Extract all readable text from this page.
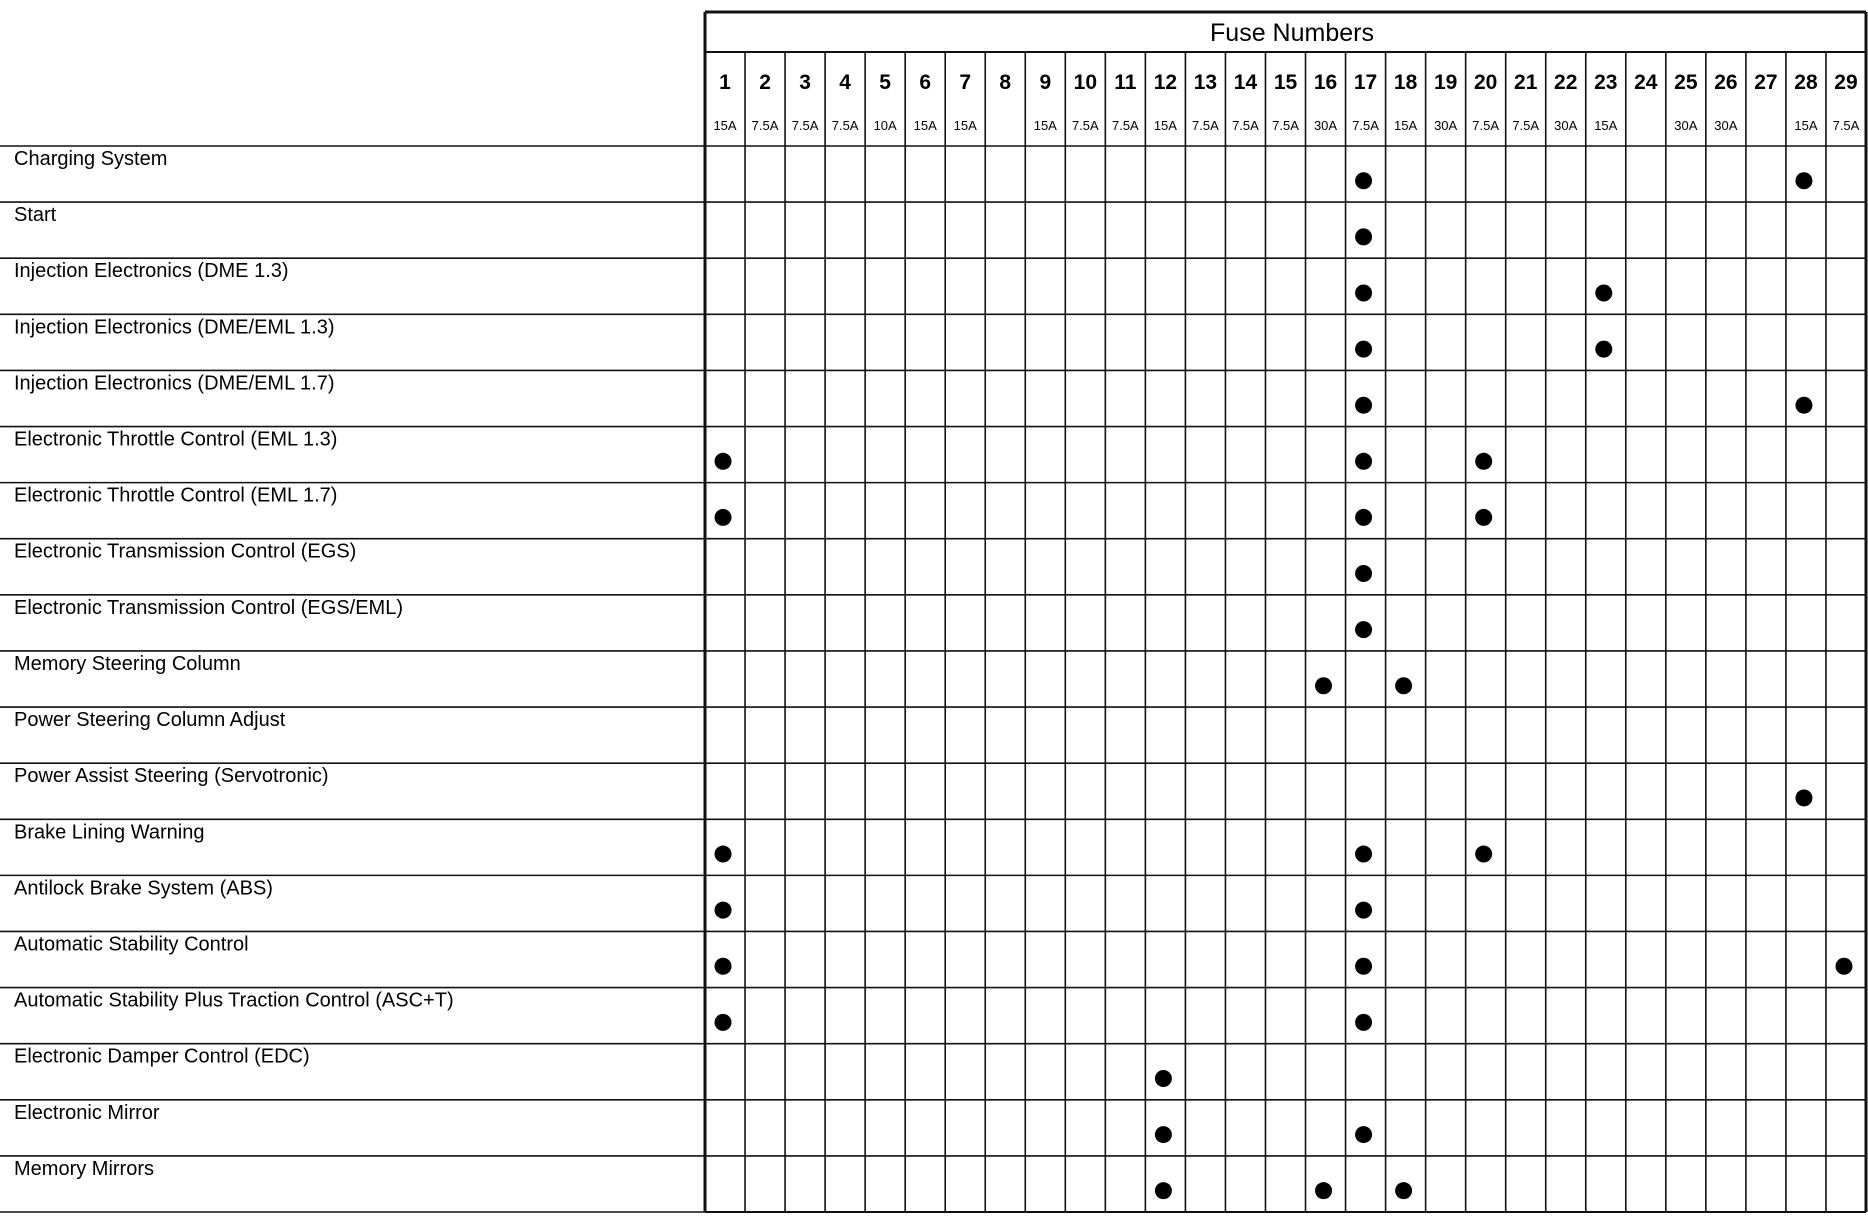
Fuse Numbers
1
15A
2
7.5A
3
7.5A
4
7.5A
5
10A
6
15A
7
15A
8 9
15A
10
7.5A
11
7.5A
12
15A
13
7.5A
14
7.5A
15
7.5A
16
30A
17
7.5A
18
15A
19
30A
20
7.5A
21
7.5A
22
30A
23
15A
24 25
30A
26
30A
27 28
15A
29
7.5A
Charging System
Start
Injection Electronics (DME 1.3)
Injection Electronics (DME/EML 1.3)
Injection Electronics (DME/EML 1.7)
Electronic Throttle Control (EML 1.3)
Electronic Throttle Control (EML 1.7)
Electronic Transmission Control (EGS)
Electronic Transmission Control (EGS/EML)
Memory Steering Column
Power Steering Column Adjust
Power Assist Steering (Servotronic)
Brake Lining Warning
Antilock Brake System (ABS)
Automatic Stability Control
Automatic Stability Plus Traction Control (ASC+T)
Electronic Damper Control (EDC)
Electronic Mirror
Memory Mirrors
